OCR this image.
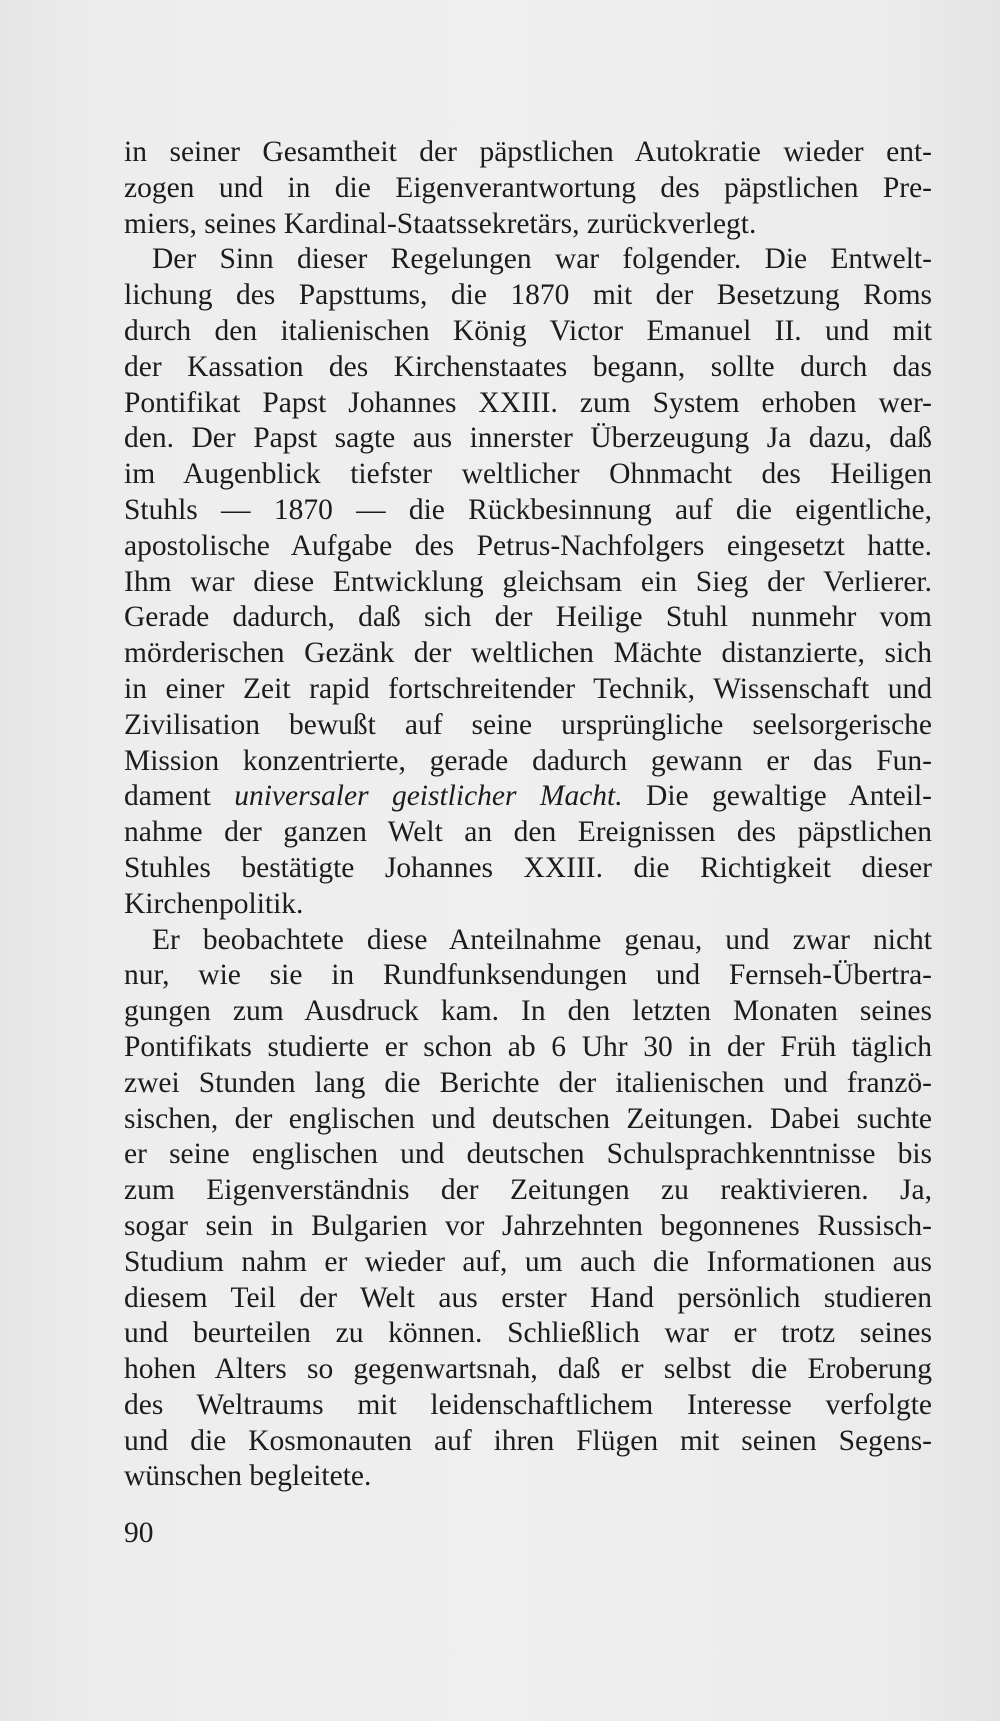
in seiner Gesamtheit der päpstlichen Autokratie wieder ent-
zogen und in die Eigenverantwortung des päpstlichen Pre-
miers, seines Kardinal-Staatssekretärs, zurückverlegt.
Der Sinn dieser Regelungen war folgender. Die Entwelt-
lichung des Papsttums, die 1870 mit der Besetzung Roms
durch den italienischen König Victor Emanuel II. und mit
der Kassation des Kirchenstaates begann, sollte durch das
Pontifikat Papst Johannes XXIII. zum System erhoben wer-
den. Der Papst sagte aus innerster Überzeugung Ja dazu, daß
im Augenblick tiefster weltlicher Ohnmacht des Heiligen
Stuhls — 1870 — die Rückbesinnung auf die eigentliche,
apostolische Aufgabe des Petrus-Nachfolgers eingesetzt hatte.
Ihm war diese Entwicklung gleichsam ein Sieg der Verlierer.
Gerade dadurch, daß sich der Heilige Stuhl nunmehr vom
mörderischen Gezänk der weltlichen Mächte distanzierte, sich
in einer Zeit rapid fortschreitender Technik, Wissenschaft und
Zivilisation bewußt auf seine ursprüngliche seelsorgerische
Mission konzentrierte, gerade dadurch gewann er das Fun-
dament universaler geistlicher Macht. Die gewaltige Anteil-
nahme der ganzen Welt an den Ereignissen des päpstlichen
Stuhles bestätigte Johannes XXIII. die Richtigkeit dieser
Kirchenpolitik.
Er beobachtete diese Anteilnahme genau, und zwar nicht
nur, wie sie in Rundfunksendungen und Fernseh-Übertra-
gungen zum Ausdruck kam. In den letzten Monaten seines
Pontifikats studierte er schon ab 6 Uhr 30 in der Früh täglich
zwei Stunden lang die Berichte der italienischen und franzö-
sischen, der englischen und deutschen Zeitungen. Dabei suchte
er seine englischen und deutschen Schulsprachkenntnisse bis
zum Eigenverständnis der Zeitungen zu reaktivieren. Ja,
sogar sein in Bulgarien vor Jahrzehnten begonnenes Russisch-
Studium nahm er wieder auf, um auch die Informationen aus
diesem Teil der Welt aus erster Hand persönlich studieren
und beurteilen zu können. Schließlich war er trotz seines
hohen Alters so gegenwartsnah, daß er selbst die Eroberung
des Weltraums mit leidenschaftlichem Interesse verfolgte
und die Kosmonauten auf ihren Flügen mit seinen Segens-
wünschen begleitete.
90
